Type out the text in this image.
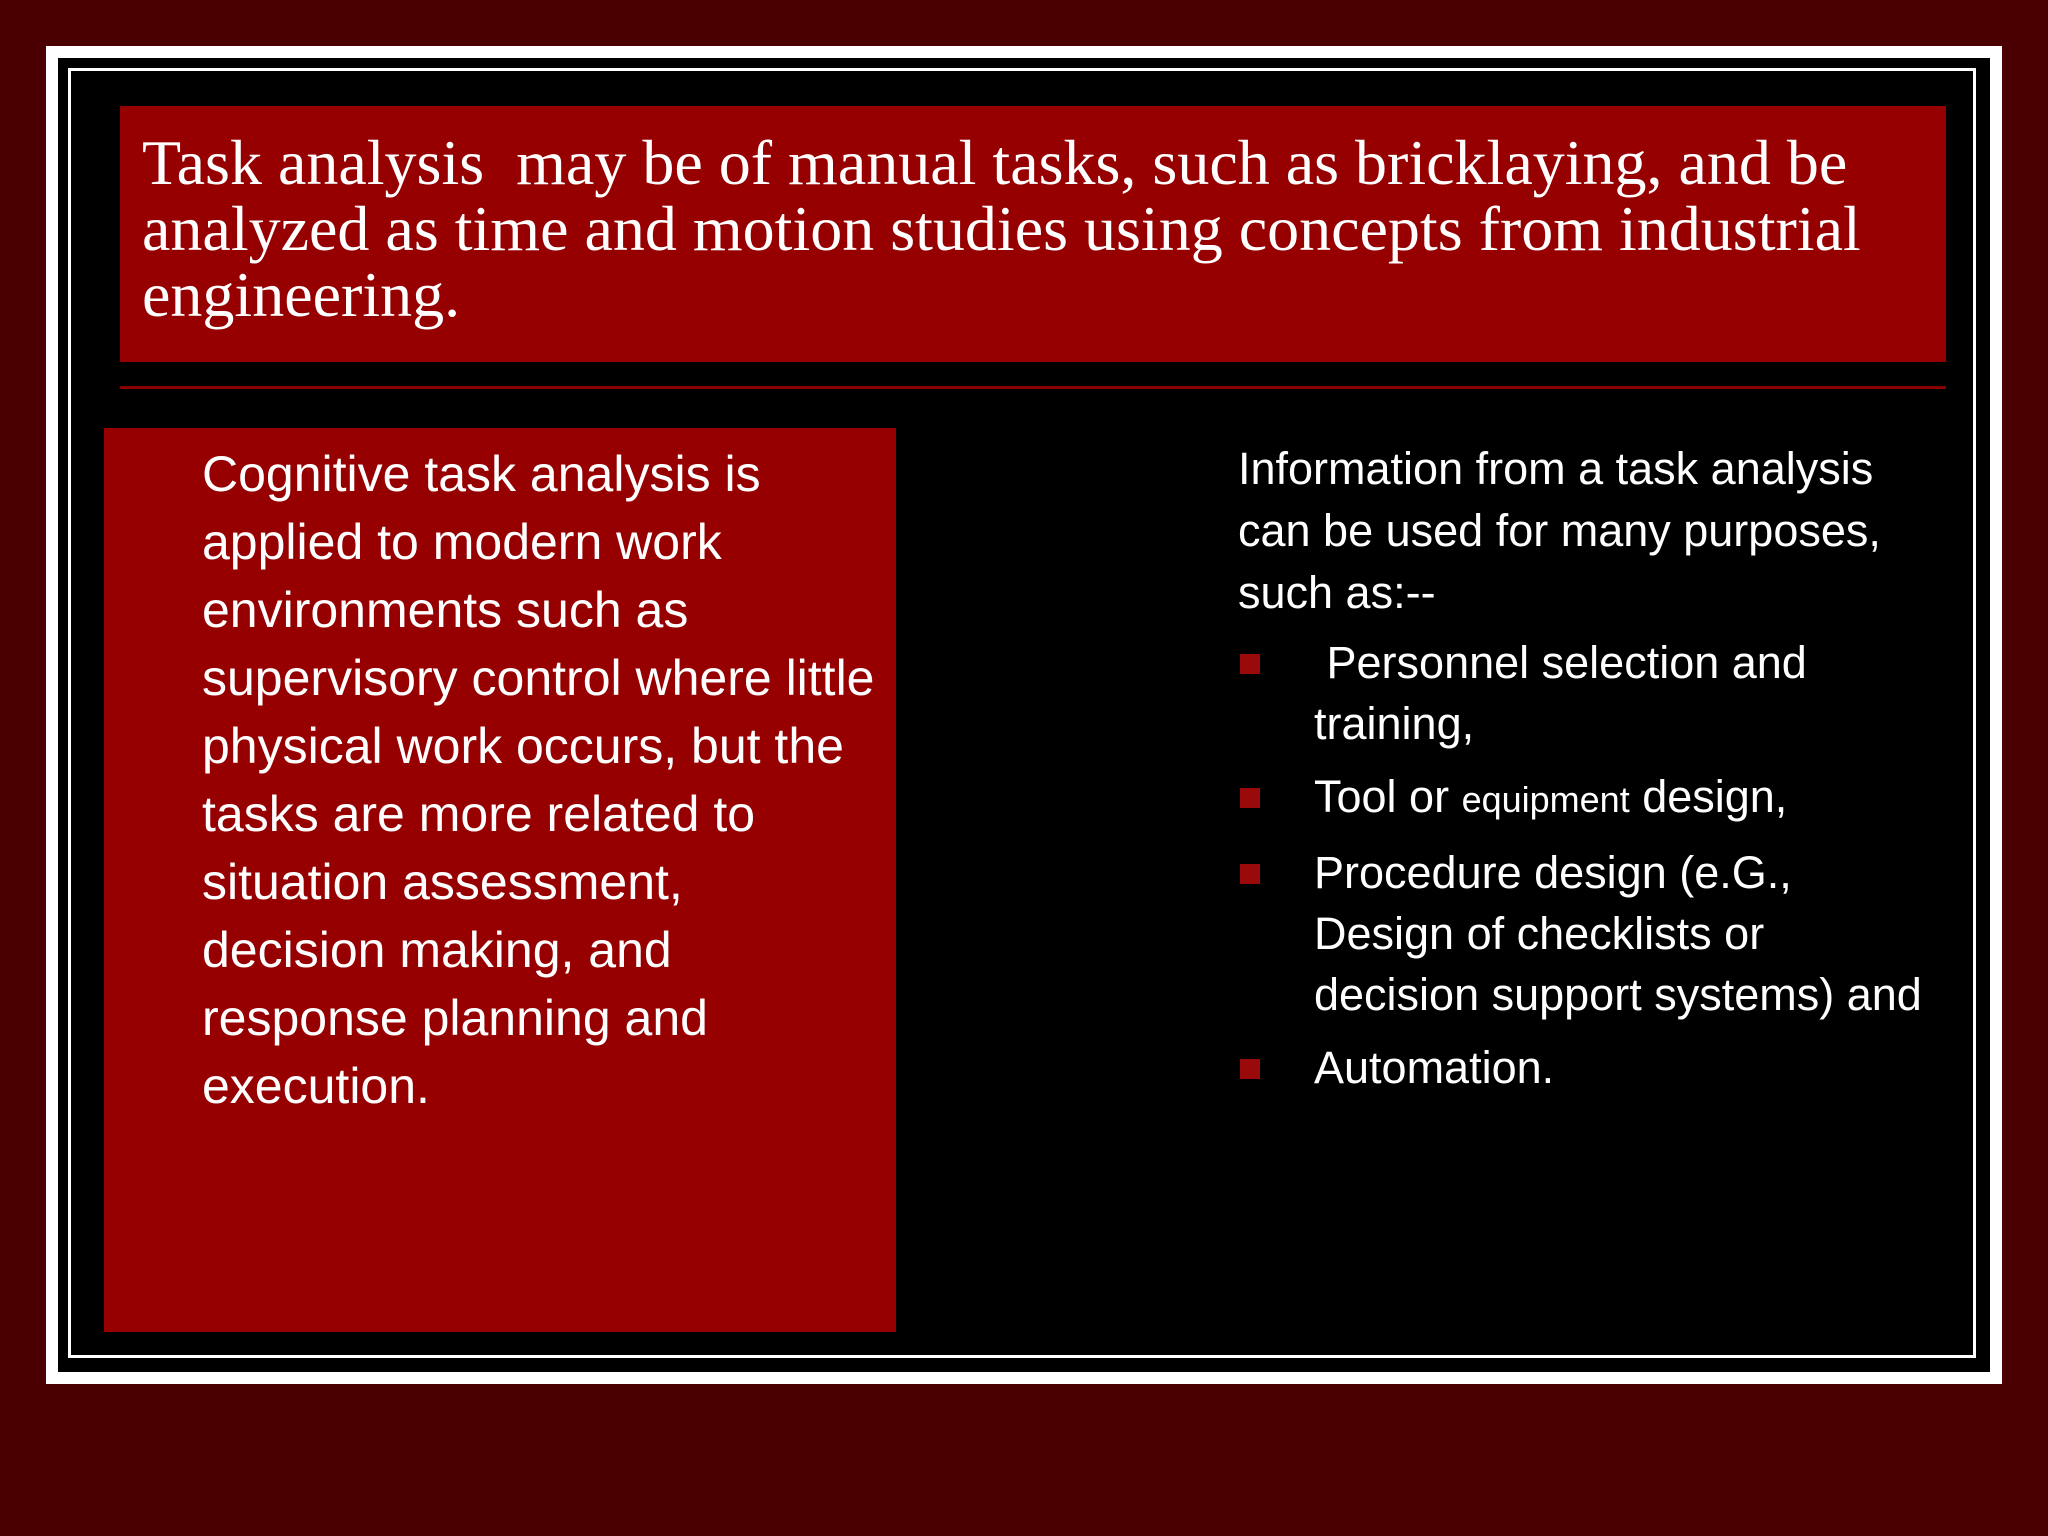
Task analysis  may be of manual tasks, such as bricklaying, and be analyzed as time and motion studies using concepts from industrial engineering.

Cognitive task analysis is applied to modern work environments such as supervisory control where little physical work occurs, but the tasks are more related to situation assessment, decision making, and response planning and execution.

Information from a task analysis can be used for many purposes, such as:--

Personnel selection and training,
Tool or equipment design,
Procedure design (e.G., Design of checklists or decision support systems) and
Automation.
